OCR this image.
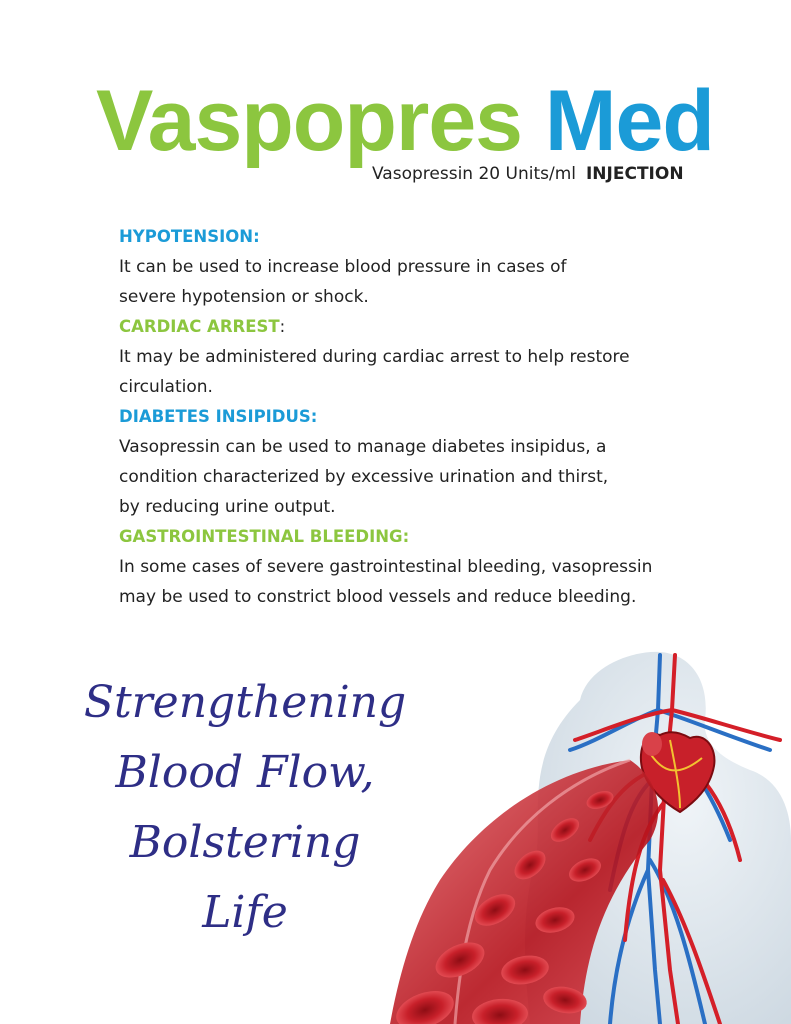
Vaspopres Med
Vasopressin 20 Units/ml INJECTION
HYPOTENSION:
It can be used to increase blood pressure in cases of
severe hypotension or shock.
CARDIAC ARREST:
It may be administered during cardiac arrest to help restore
circulation.
DIABETES INSIPIDUS:
Vasopressin can be used to manage diabetes insipidus, a
condition characterized by excessive urination and thirst,
by reducing urine output.
GASTROINTESTINAL BLEEDING:
In some cases of severe gastrointestinal bleeding, vasopressin
may be used to constrict blood vessels and reduce bleeding.
Strengthening
Blood Flow,
Bolstering
Life
